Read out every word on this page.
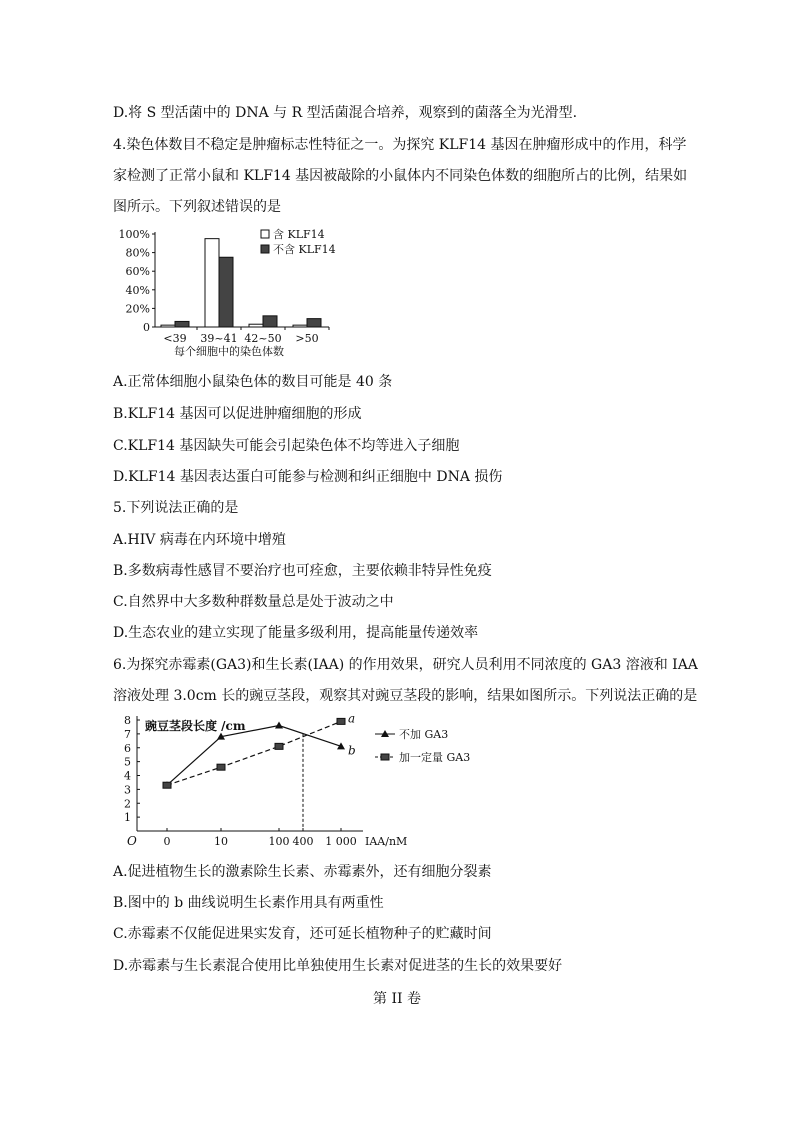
D.将 S 型活菌中的 DNA 与 R 型活菌混合培养，观察到的菌落全为光滑型.
4.染色体数目不稳定是肿瘤标志性特征之一。为探究 KLF14 基因在肿瘤形成中的作用，科学
家检测了正常小鼠和 KLF14 基因被敲除的小鼠体内不同染色体数的细胞所占的比例，结果如
图所示。下列叙述错误的是
0
20%
40%
60%
80%
100%
<39 39~41 42~50 >50
每个细胞中的染色体数
含 KLF14
不含 KLF14
A.正常体细胞小鼠染色体的数目可能是 40 条
B.KLF14 基因可以促进肿瘤细胞的形成
C.KLF14 基因缺失可能会引起染色体不均等进入子细胞
D.KLF14 基因表达蛋白可能参与检测和纠正细胞中 DNA 损伤
5.下列说法正确的是
A.HIV 病毒在内环境中增殖
B.多数病毒性感冒不要治疗也可痊愈，主要依赖非特异性免疫
C.自然界中大多数种群数量总是处于波动之中
D.生态农业的建立实现了能量多级利用，提高能量传递效率
6.为探究赤霉素(GA3)和生长素(IAA) 的作用效果，研究人员利用不同浓度的 GA3 溶液和 IAA
溶液处理 3.0cm 长的豌豆茎段，观察其对豌豆茎段的影响，结果如图所示。下列说法正确的是
O
1
2
3
4
5
6
7
8
0	10	100 400 1 000 IAA/nM
豌豆茎段长度 /cm
b
不加 GA3
a
加一定量 GA3
A.促进植物生长的激素除生长素、赤霉素外，还有细胞分裂素
B.图中的 b 曲线说明生长素作用具有两重性
C.赤霉素不仅能促进果实发育，还可延长植物种子的贮藏时间
D.赤霉素与生长素混合使用比单独使用生长素对促进茎的生长的效果要好
第 II 卷
